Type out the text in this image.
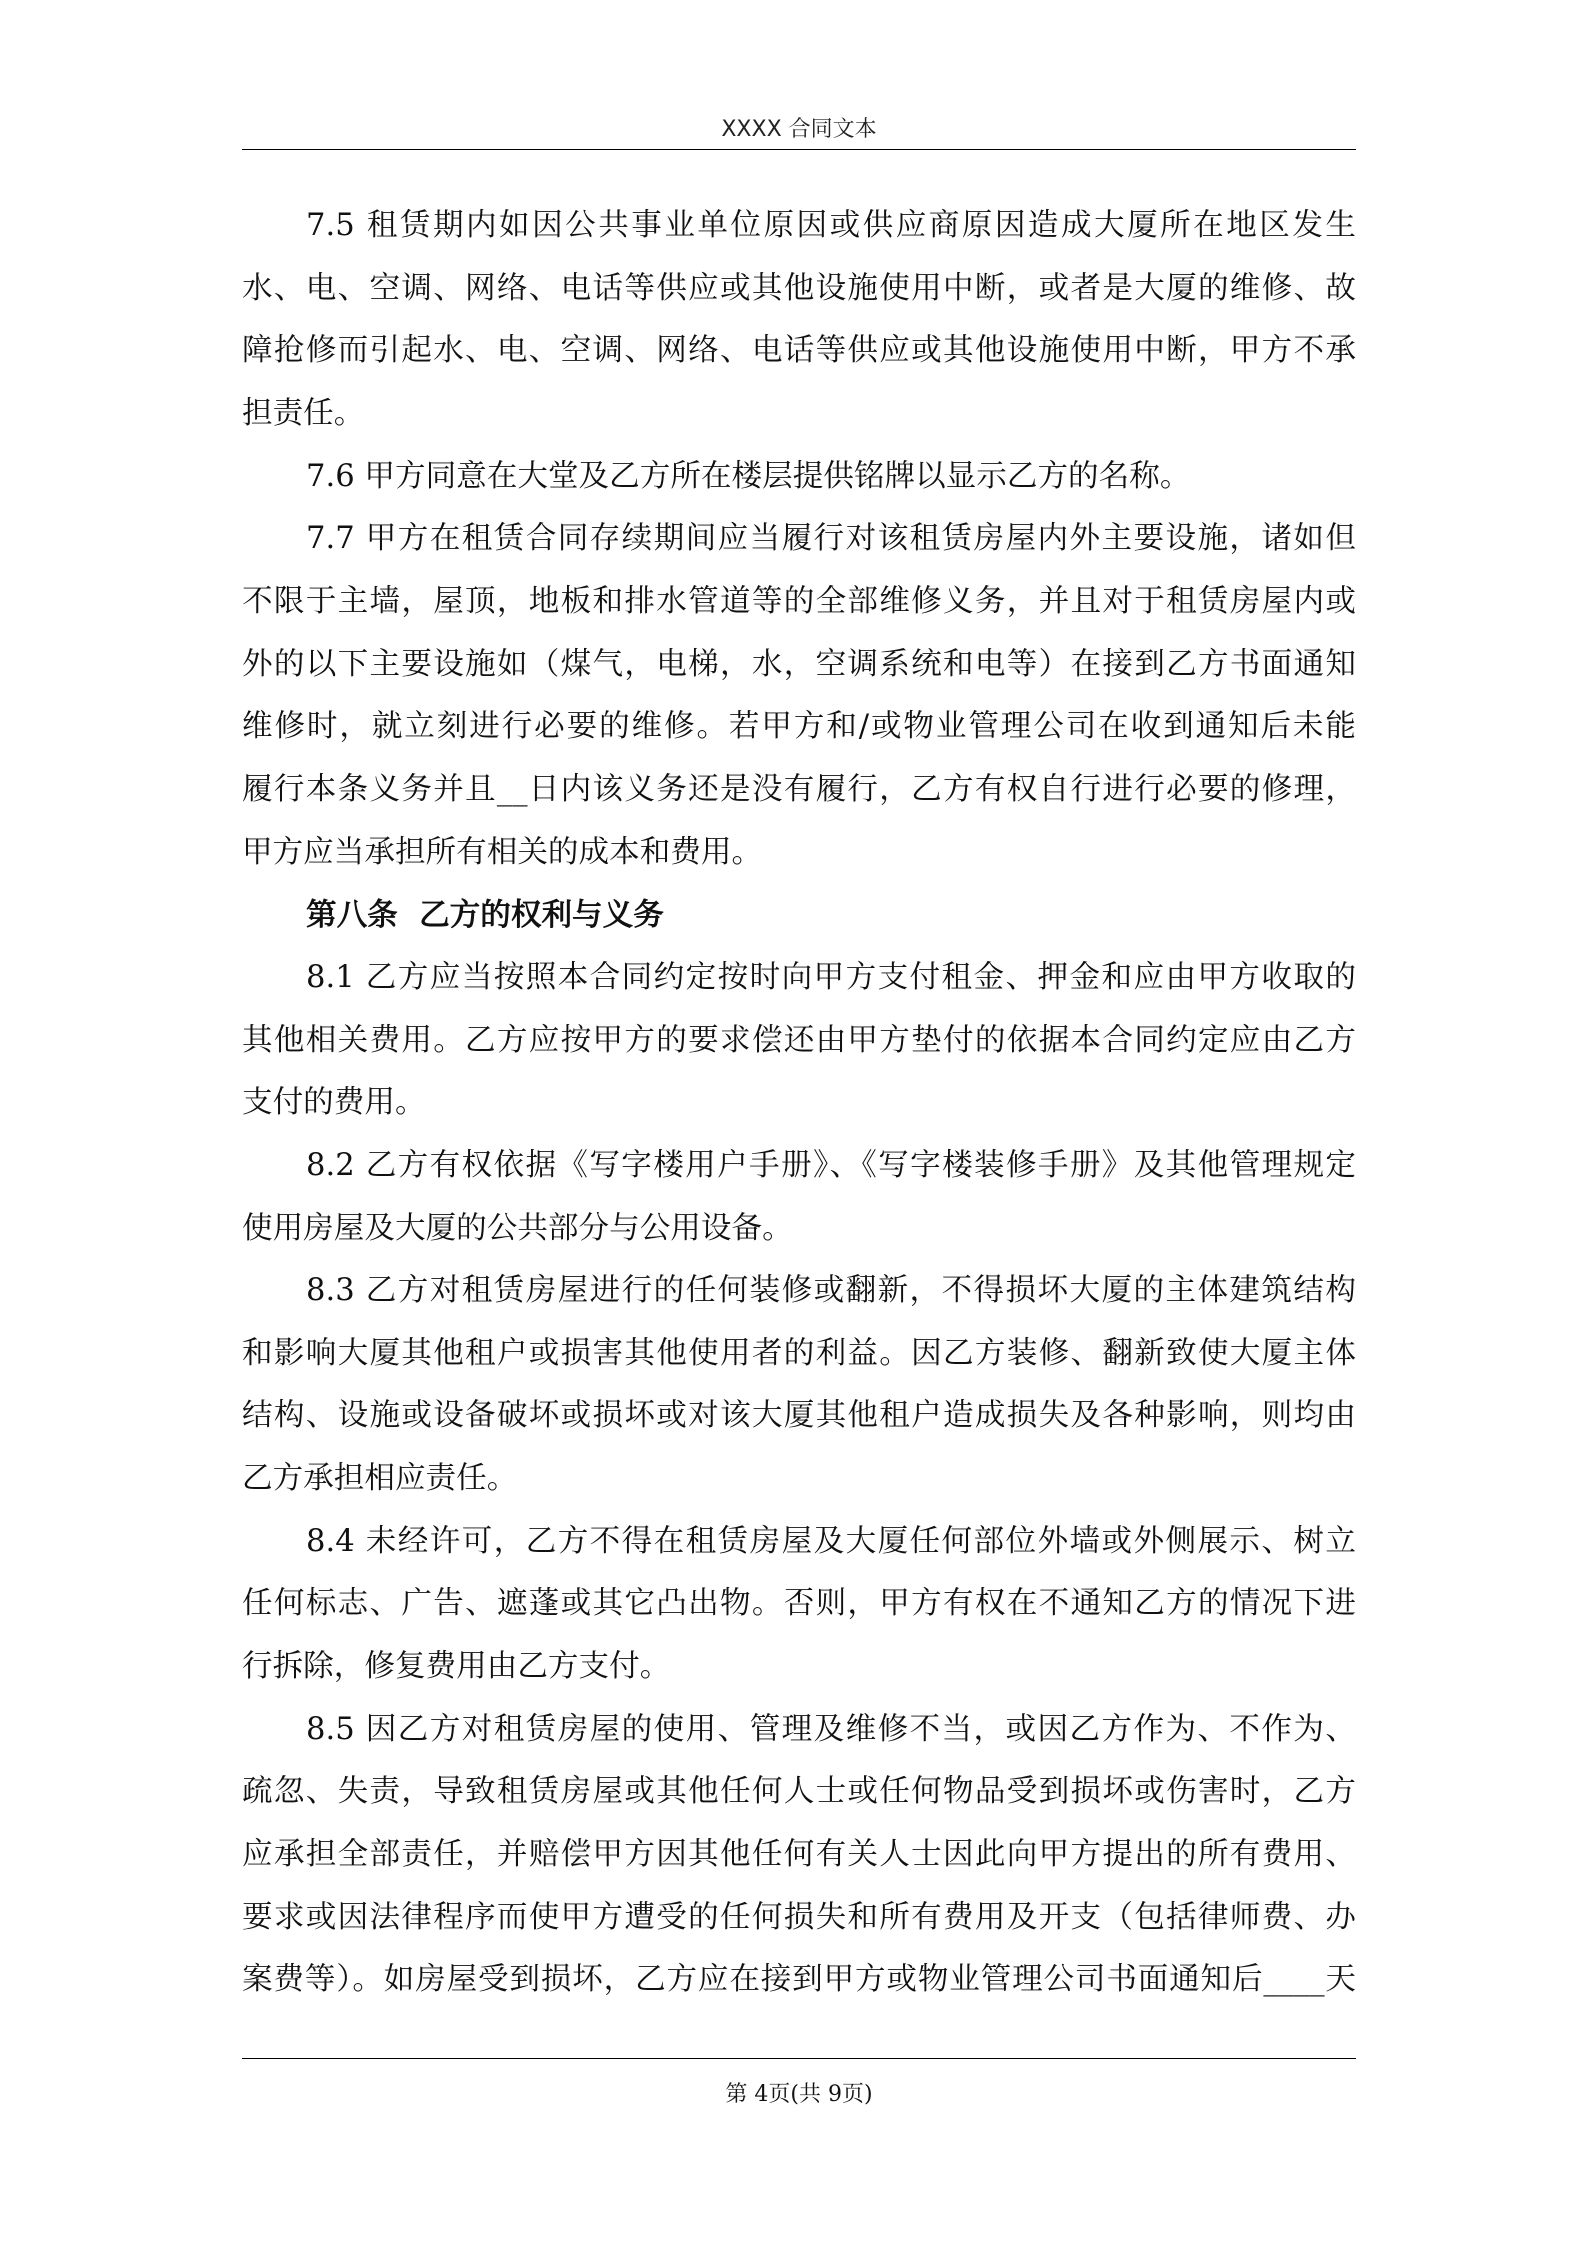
XXXX 合同文本
7.5 租赁期内如因公共事业单位原因或供应商原因造成大厦所在地区发生
水、电、空调、网络、电话等供应或其他设施使用中断，或者是大厦的维修、故
障抢修而引起水、电、空调、网络、电话等供应或其他设施使用中断，甲方不承
担责任。
7.6 甲方同意在大堂及乙方所在楼层提供铭牌以显示乙方的名称。
7.7 甲方在租赁合同存续期间应当履行对该租赁房屋内外主要设施，诸如但
不限于主墙，屋顶，地板和排水管道等的全部维修义务，并且对于租赁房屋内或
外的以下主要设施如（煤气，电梯，水，空调系统和电等）在接到乙方书面通知
维修时，就立刻进行必要的维修。若甲方和/或物业管理公司在收到通知后未能
履行本条义务并且__日内该义务还是没有履行，乙方有权自行进行必要的修理，
甲方应当承担所有相关的成本和费用。
第八条  乙方的权利与义务
8.1 乙方应当按照本合同约定按时向甲方支付租金、押金和应由甲方收取的
其他相关费用。乙方应按甲方的要求偿还由甲方垫付的依据本合同约定应由乙方
支付的费用。
8.2 乙方有权依据《写字楼用户手册》、《写字楼装修手册》及其他管理规定
使用房屋及大厦的公共部分与公用设备。
8.3 乙方对租赁房屋进行的任何装修或翻新，不得损坏大厦的主体建筑结构
和影响大厦其他租户或损害其他使用者的利益。因乙方装修、翻新致使大厦主体
结构、设施或设备破坏或损坏或对该大厦其他租户造成损失及各种影响，则均由
乙方承担相应责任。
8.4 未经许可，乙方不得在租赁房屋及大厦任何部位外墙或外侧展示、树立
任何标志、广告、遮蓬或其它凸出物。否则，甲方有权在不通知乙方的情况下进
行拆除，修复费用由乙方支付。
8.5 因乙方对租赁房屋的使用、管理及维修不当，或因乙方作为、不作为、
疏忽、失责，导致租赁房屋或其他任何人士或任何物品受到损坏或伤害时，乙方
应承担全部责任，并赔偿甲方因其他任何有关人士因此向甲方提出的所有费用、
要求或因法律程序而使甲方遭受的任何损失和所有费用及开支（包括律师费、办
案费等）。如房屋受到损坏，乙方应在接到甲方或物业管理公司书面通知后____天
第 4页(共 9页)
